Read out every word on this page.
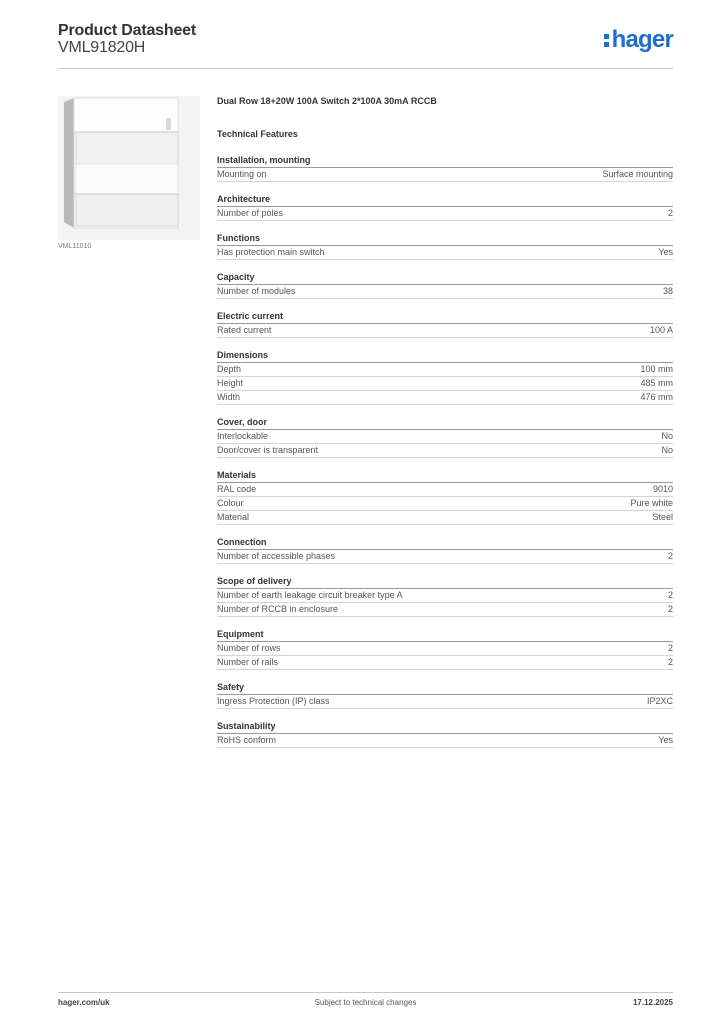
Product Datasheet
VML91820H	hager
VML11010
Dual Row 18+20W 100A Switch 2*100A 30mA RCCB
Technical Features
Installation, mounting
Mounting on	Surface mounting
Architecture
Number of poles	2
Functions
Has protection main switch	Yes
Capacity
Number of modules	38
Electric current
Rated current	100 A
Dimensions
Depth	100 mm
Height	485 mm
Width	476 mm
Cover, door
Interlockable	No
Door/cover is transparent	No
Materials
RAL code	9010
Colour	Pure white
Material	Steel
Connection
Number of accessible phases	2
Scope of delivery
Number of earth leakage circuit breaker type A	2
Number of RCCB in enclosure	2
Equipment
Number of rows	2
Number of rails	2
Safety
Ingress Protection (IP) class	IP2XC
Sustainability
RoHS conform	Yes
hager.com/uk	Subject to technical changes	17.12.2025
